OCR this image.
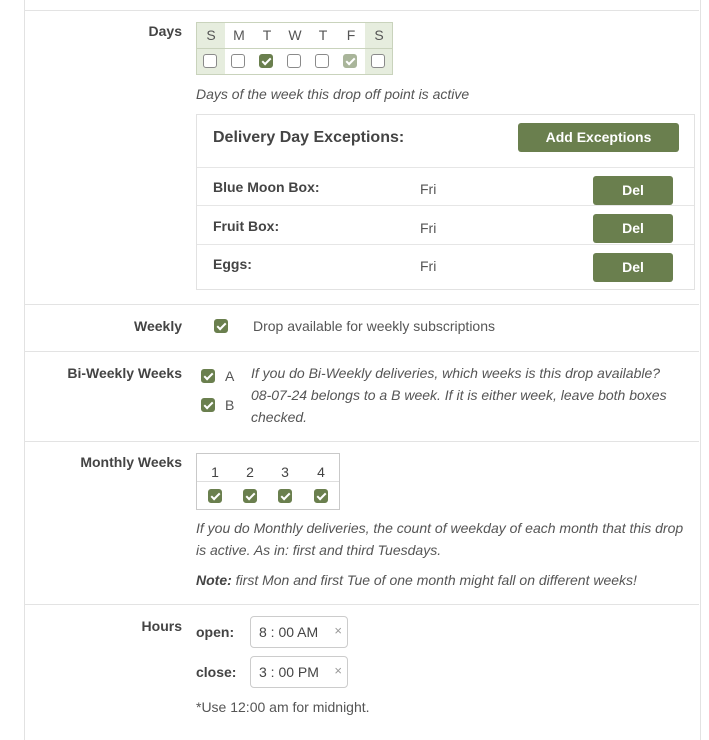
Days	S	M	T	W	T	F	S
Days of the week this drop off point is active
Delivery Day Exceptions:	Add Exceptions
Blue Moon Box:	Fri	Del
Fruit Box:	Fri	Del
Eggs:	Fri	Del
Weekly	Drop available for weekly subscriptions
Bi-Weekly Weeks	A
B
If you do Bi-Weekly deliveries, which weeks is this drop available?
08-07-24 belongs to a B week. If it is either week, leave both boxes
checked.
Monthly Weeks
1	2	3	4
If you do Monthly deliveries, the count of weekday of each month that this drop
is active. As in: first and third Tuesdays.
Note: first Mon and first Tue of one month might fall on different weeks!
Hours open: 8 : 00 AM ×
close: 3 : 00 PM ×
*Use 12:00 am for midnight.
